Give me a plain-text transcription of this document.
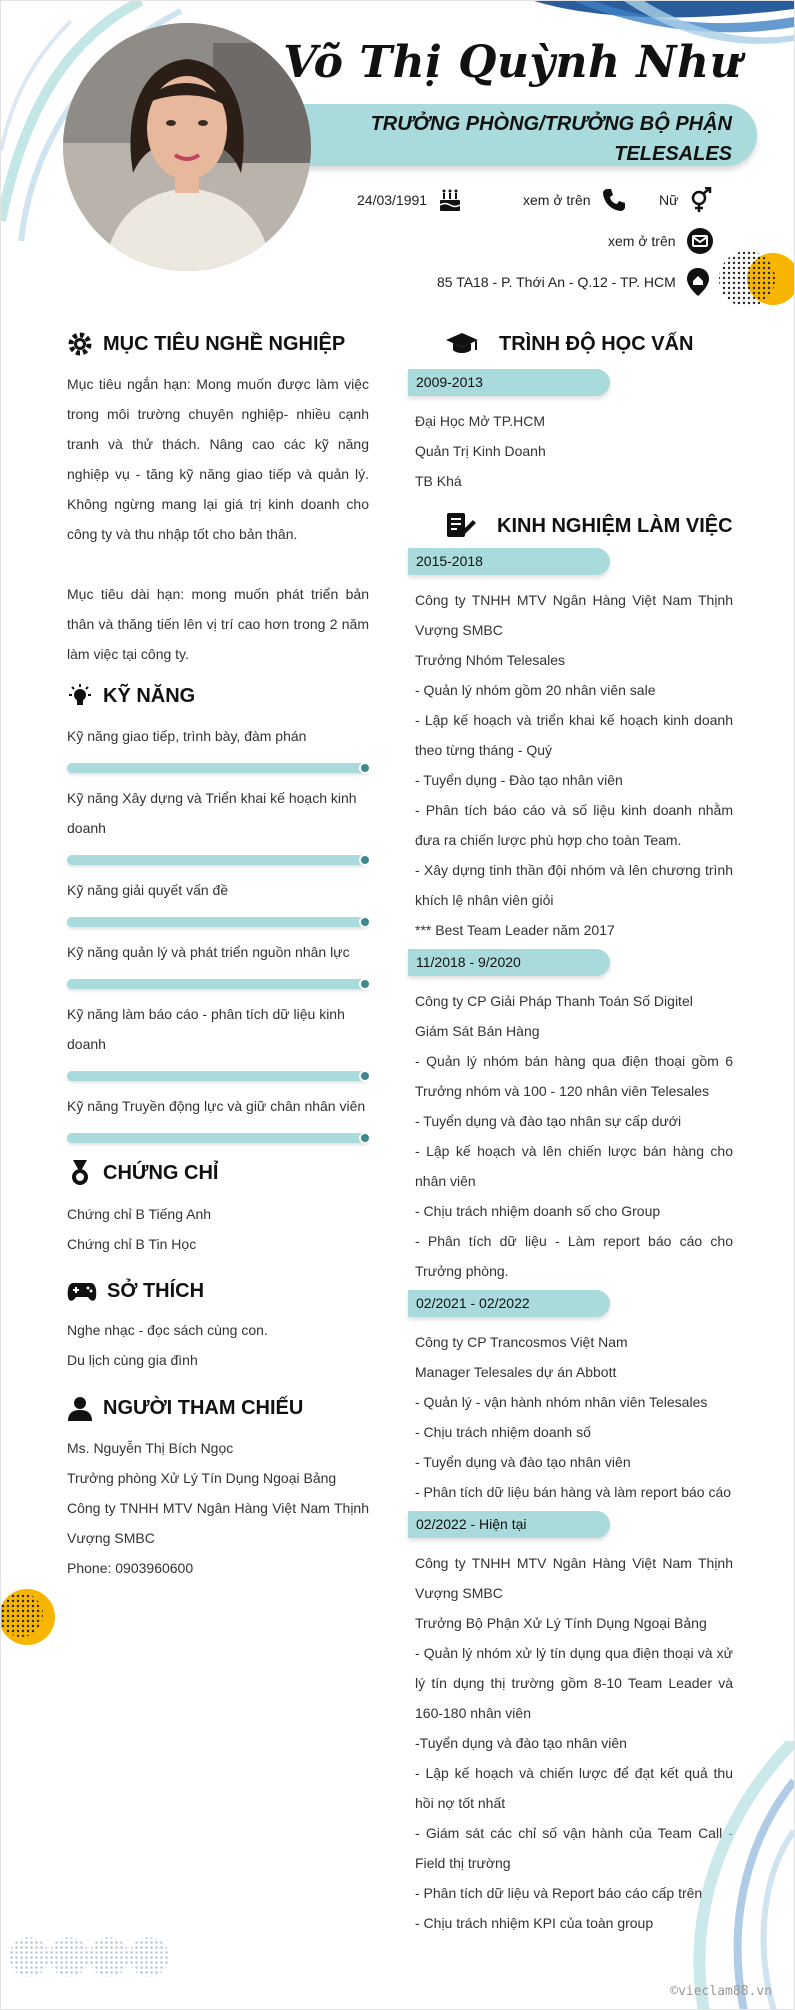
Võ Thị Quỳnh Như
TRƯỞNG PHÒNG/TRƯỞNG BỘ PHẬN TELESALES
24/03/1991	xem ở trên	Nữ
xem ở trên
85 TA18 - P. Thới An - Q.12 - TP. HCM
MỤC TIÊU NGHỀ NGHIỆP

Mục tiêu ngắn hạn: Mong muốn được làm việc trong môi trường chuyên nghiệp- nhiều cạnh tranh và thử thách. Nâng cao các kỹ năng nghiệp vụ - tăng kỹ năng giao tiếp và quản lý. Không ngừng mang lại giá trị kinh doanh cho công ty và thu nhập tốt cho bản thân.

Mục tiêu dài hạn: mong muốn phát triển bản thân và thăng tiến lên vị trí cao hơn trong 2 năm làm việc tại công ty.

KỸ NĂNG
Kỹ năng giao tiếp, trình bày, đàm phán
Kỹ năng Xây dựng và Triển khai kế hoạch kinh doanh
Kỹ năng giải quyết vấn đề
Kỹ năng quản lý và phát triển nguồn nhân lực
Kỹ năng làm báo cáo - phân tích dữ liệu kinh doanh
Kỹ năng Truyền động lực và giữ chân nhân viên
CHỨNG CHỈ
Chứng chỉ B Tiếng Anh
Chứng chỉ B Tin Học
SỞ THÍCH
Nghe nhạc - đọc sách cùng con.
Du lịch cùng gia đình
NGƯỜI THAM CHIẾU
Ms. Nguyễn Thị Bích Ngọc
Trưởng phòng Xử Lý Tín Dụng Ngoại Bảng
Công ty TNHH MTV Ngân Hàng Việt Nam Thịnh Vượng SMBC
Phone: 0903960600
TRÌNH ĐỘ HỌC VẤN
2009-2013
Đại Học Mở TP.HCM
Quản Trị Kinh Doanh
TB Khá
KINH NGHIỆM LÀM VIỆC
2015-2018
Công ty TNHH MTV Ngân Hàng Việt Nam Thịnh Vượng SMBC
Trưởng Nhóm Telesales
- Quản lý nhóm gồm 20 nhân viên sale
- Lập kế hoạch và triển khai kế hoạch kinh doanh theo từng tháng - Quý
- Tuyển dụng - Đào tạo nhân viên
- Phân tích báo cáo và số liệu kinh doanh nhằm đưa ra chiến lược phù hợp cho toàn Team.
- Xây dựng tinh thần đội nhóm và lên chương trình khích lệ nhân viên giỏi
*** Best Team Leader năm 2017
11/2018 - 9/2020
Công ty CP Giải Pháp Thanh Toán Số Digitel
Giám Sát Bán Hàng
- Quản lý nhóm bán hàng qua điện thoại gồm 6 Trưởng nhóm và 100 - 120 nhân viên Telesales
- Tuyển dụng và đào tạo nhân sự cấp dưới
- Lập kế hoạch và lên chiến lược bán hàng cho nhân viên
- Chịu trách nhiệm doanh số cho Group
- Phân tích dữ liệu - Làm report báo cáo cho Trưởng phòng.
02/2021 - 02/2022
Công ty CP Trancosmos Việt Nam
Manager Telesales dự án Abbott
- Quản lý - vận hành nhóm nhân viên Telesales
- Chịu trách nhiệm doanh số
- Tuyển dụng và đào tạo nhân viên
- Phân tích dữ liệu bán hàng và làm report báo cáo
02/2022 - Hiện tại
Công ty TNHH MTV Ngân Hàng Việt Nam Thịnh Vượng SMBC
Trưởng Bộ Phận Xử Lý Tính Dụng Ngoại Bảng
- Quản lý nhóm xử lý tín dụng qua điện thoại và xử lý tín dụng thị trường gồm 8-10 Team Leader và 160-180 nhân viên
-Tuyển dụng và đào tạo nhân viên
- Lập kế hoạch và chiến lược để đạt kết quả thu hồi nợ tốt nhất
- Giám sát các chỉ số vận hành của Team Call - Field thị trường
- Phân tích dữ liệu và Report báo cáo cấp trên
- Chịu trách nhiệm KPI của toàn group
©vieclam88.vn
